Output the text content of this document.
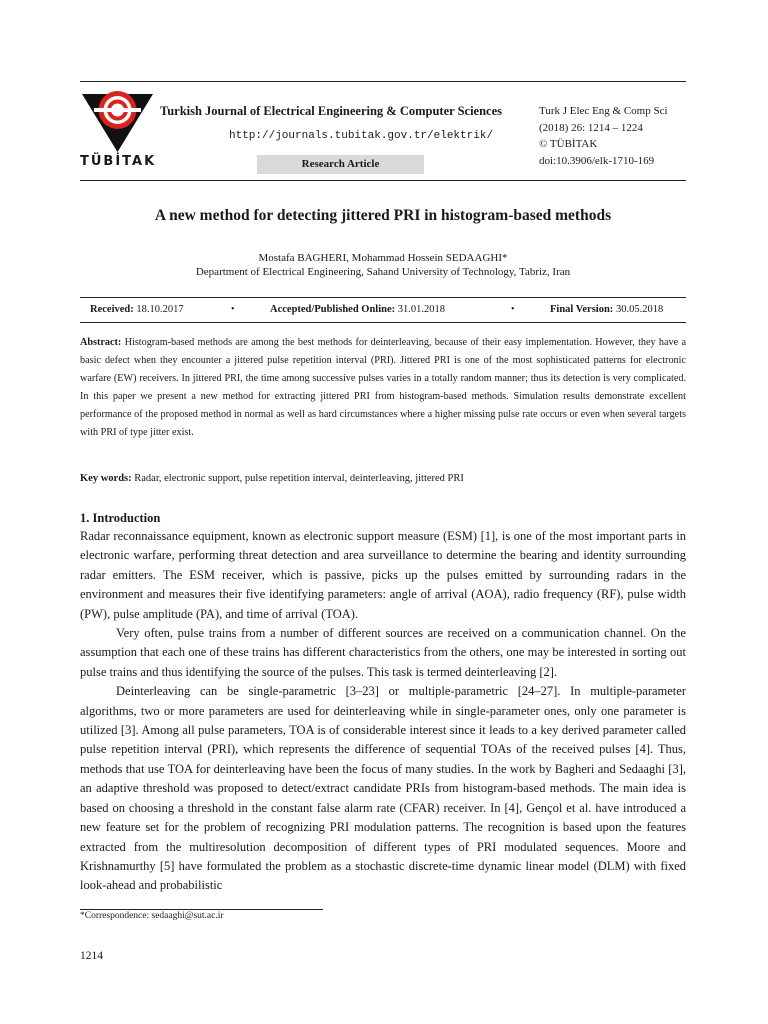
TÜBİTAK
Turkish Journal of Electrical Engineering & Computer Sciences
http://journals.tubitak.gov.tr/elektrik/
Research Article
Turk J Elec Eng & Comp Sci
(2018) 26: 1214 – 1224
© TÜBİTAK
doi:10.3906/elk-1710-169
A new method for detecting jittered PRI in histogram-based methods
Mostafa BAGHERI, Mohammad Hossein SEDAAGHI*
Department of Electrical Engineering, Sahand University of Technology, Tabriz, Iran
Received: 18.10.2017	•	Accepted/Published Online: 31.01.2018	•	Final Version: 30.05.2018
Abstract: Histogram-based methods are among the best methods for deinterleaving, because of their easy implementation. However, they have a basic defect when they encounter a jittered pulse repetition interval (PRI). Jittered PRI is one of the most sophisticated patterns for electronic warfare (EW) receivers. In jittered PRI, the time among successive pulses varies in a totally random manner; thus its detection is very complicated. In this paper we present a new method for extracting jittered PRI from histogram-based methods. Simulation results demonstrate excellent performance of the proposed method in normal as well as hard circumstances where a higher missing pulse rate occurs or even when several targets with PRI of type jitter exist.
Key words: Radar, electronic support, pulse repetition interval, deinterleaving, jittered PRI
1. Introduction

Radar reconnaissance equipment, known as electronic support measure (ESM) [1], is one of the most important parts in electronic warfare, performing threat detection and area surveillance to determine the bearing and identity surrounding radar emitters. The ESM receiver, which is passive, picks up the pulses emitted by surrounding radars in the environment and measures their five identifying parameters: angle of arrival (AOA), radio frequency (RF), pulse width (PW), pulse amplitude (PA), and time of arrival (TOA).

Very often, pulse trains from a number of different sources are received on a communication channel. On the assumption that each one of these trains has different characteristics from the others, one may be interested in sorting out pulse trains and thus identifying the source of the pulses. This task is termed deinterleaving [2].

Deinterleaving can be single-parametric [3–23] or multiple-parametric [24–27]. In multiple-parameter algorithms, two or more parameters are used for deinterleaving while in single-parameter ones, only one parameter is utilized [3]. Among all pulse parameters, TOA is of considerable interest since it leads to a key derived parameter called pulse repetition interval (PRI), which represents the difference of sequential TOAs of the received pulses [4]. Thus, methods that use TOA for deinterleaving have been the focus of many studies. In the work by Bagheri and Sedaaghi [3], an adaptive threshold was proposed to detect/extract candidate PRIs from histogram-based methods. The main idea is based on choosing a threshold in the constant false alarm rate (CFAR) receiver. In [4], Gençol et al. have introduced a new feature set for the problem of recognizing PRI modulation patterns. The recognition is based upon the features extracted from the multiresolution decomposition of different types of PRI modulated sequences. Moore and Krishnamurthy [5] have formulated the problem as a stochastic discrete-time dynamic linear model (DLM) with fixed look-ahead and probabilistic

*Correspondence: sedaaghi@sut.ac.ir
1214
